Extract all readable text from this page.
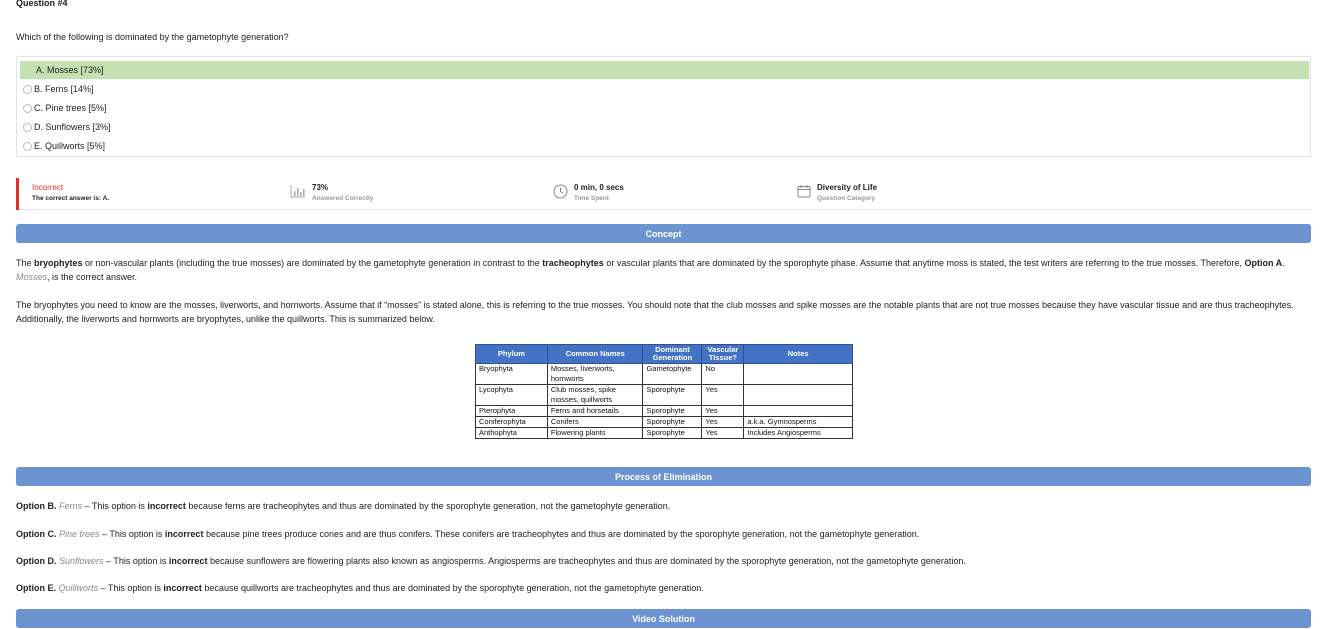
Question #4
Which of the following is dominated by the gametophyte generation?
A. Mosses [73%]
B. Ferns [14%]
C. Pine trees [5%]
D. Sunflowers [3%]
E. Quillworts [5%]
Incorrect
The correct answer is: A.
73%
Answered Correctly
0 min, 0 secs
Time Spent
Diversity of Life
Question Category
Concept
The bryophytes or non-vascular plants (including the true mosses) are dominated by the gametophyte generation in contrast to the tracheophytes or vascular plants that are dominated by the sporophyte phase. Assume that anytime moss is stated, the test writers are referring to the true mosses. Therefore, Option A. Mosses, is the correct answer.
The bryophytes you need to know are the mosses, liverworts, and hornworts. Assume that if “mosses” is stated alone, this is referring to the true mosses. You should note that the club mosses and spike mosses are the notable plants that are not true mosses because they have vascular tissue and are thus tracheophytes. Additionally, the liverworts and hornworts are bryophytes, unlike the quillworts. This is summarized below.
Phylum	Common Names	Dominant Generation	Vascular Tissue?	Notes
Bryophyta	Mosses, liverworts, hornworts	Gametophyte	No	
Lycophyta	Club mosses, spike mosses, quillworts	Sporophyte	Yes	
Pterophyta	Ferns and horsetails	Sporophyte	Yes	
Coniferophyta	Conifers	Sporophyte	Yes	a.k.a. Gymnosperms
Anthophyta	Flowering plants	Sporophyte	Yes	Includes Angiosperms
Process of Elimination
Option B. Ferns – This option is incorrect because ferns are tracheophytes and thus are dominated by the sporophyte generation, not the gametophyte generation.
Option C. Pine trees – This option is incorrect because pine trees produce cones and are thus conifers. These conifers are tracheophytes and thus are dominated by the sporophyte generation, not the gametophyte generation.
Option D. Sunflowers – This option is incorrect because sunflowers are flowering plants also known as angiosperms. Angiosperms are tracheophytes and thus are dominated by the sporophyte generation, not the gametophyte generation.
Option E. Quillworts – This option is incorrect because quillworts are tracheophytes and thus are dominated by the sporophyte generation, not the gametophyte generation.
Video Solution
